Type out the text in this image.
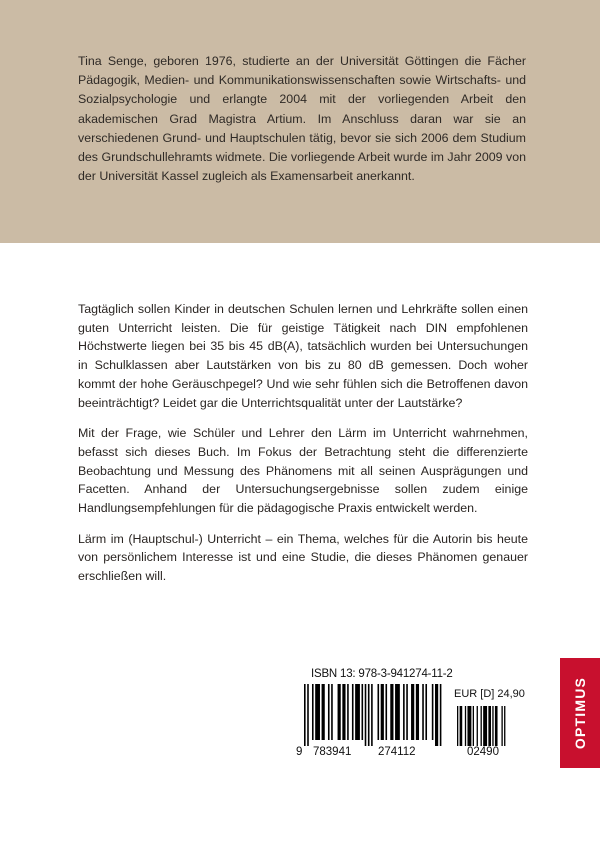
Tina Senge, geboren 1976, studierte an der Universität Göttingen die Fächer Pädagogik, Medien- und Kommunikationswissenschaften sowie Wirtschafts- und Sozialpsychologie und erlangte 2004 mit der vorliegenden Arbeit den akademischen Grad Magistra Artium. Im Anschluss daran war sie an verschiedenen Grund- und Hauptschulen tätig, bevor sie sich 2006 dem Studium des Grundschullehramts widmete. Die vorliegende Arbeit wurde im Jahr 2009 von der Universität Kassel zugleich als Examensarbeit anerkannt.

Tagtäglich sollen Kinder in deutschen Schulen lernen und Lehrkräfte sollen einen guten Unterricht leisten. Die für geistige Tätigkeit nach DIN empfohlenen Höchstwerte liegen bei 35 bis 45 dB(A), tatsächlich wurden bei Untersuchungen in Schulklassen aber Lautstärken von bis zu 80 dB gemessen. Doch woher kommt der hohe Geräuschpegel? Und wie sehr fühlen sich die Betroffenen davon beeinträchtigt? Leidet gar die Unterrichtsqualität unter der Lautstärke?

Mit der Frage, wie Schüler und Lehrer den Lärm im Unterricht wahrnehmen, befasst sich dieses Buch. Im Fokus der Betrachtung steht die differenzierte Beobachtung und Messung des Phänomens mit all seinen Ausprägungen und Facetten. Anhand der Untersuchungsergebnisse sollen zudem einige Handlungsempfehlungen für die pädagogische Praxis entwickelt werden.

Lärm im (Hauptschul-) Unterricht – ein Thema, welches für die Autorin bis heute von persönlichem Interesse ist und eine Studie, die dieses Phänomen genauer erschließen will.

ISBN 13: 978-3-941274-11-2
EUR [D] 24,90
9 783941 274112	02490
OPTIMUS
